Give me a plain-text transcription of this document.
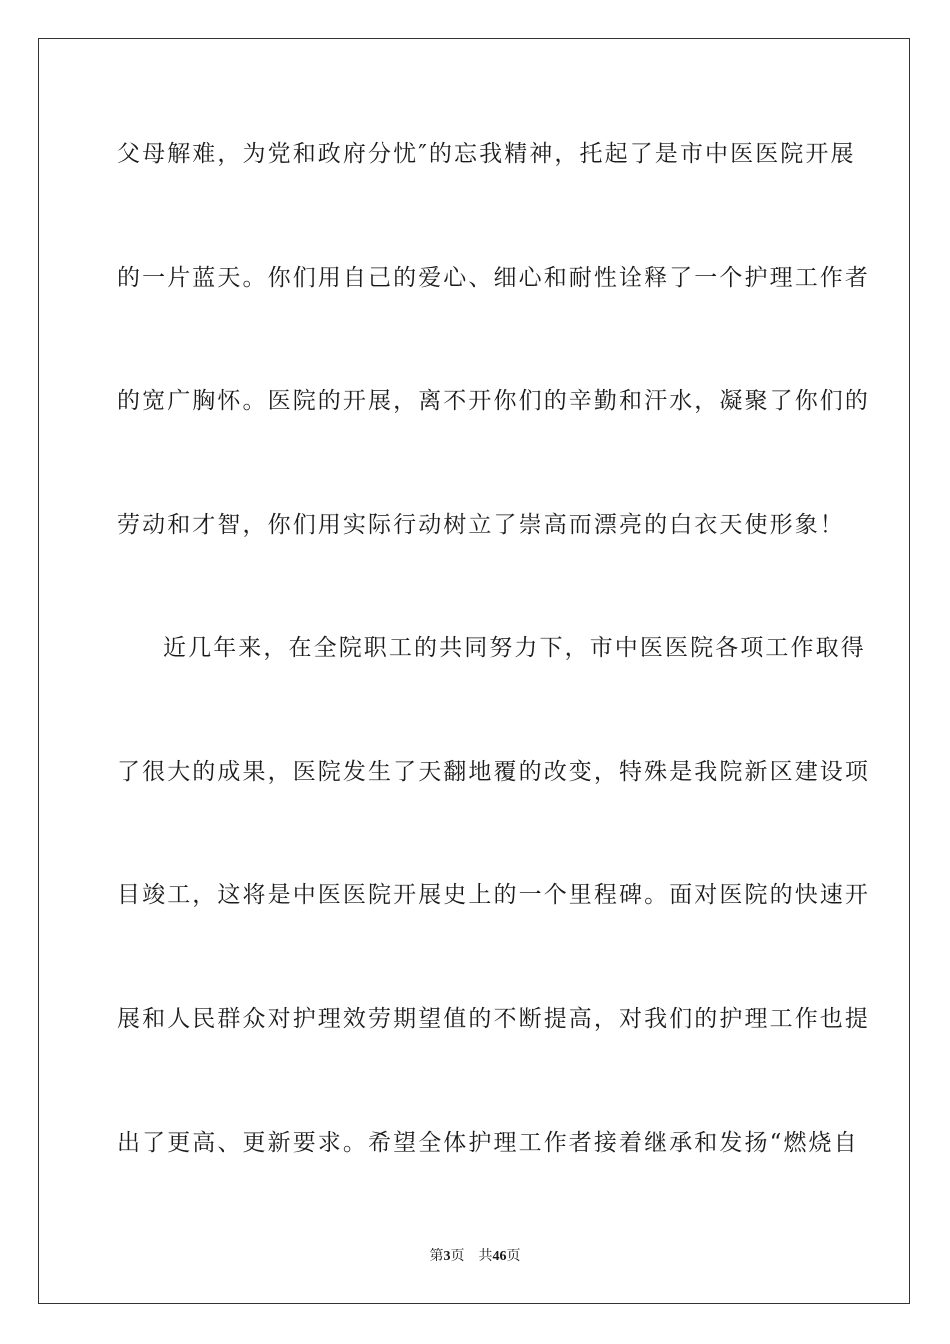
父母解难，为党和政府分忧″的忘我精神，托起了是市中医医院开展
的一片蓝天。你们用自己的爱心、细心和耐性诠释了一个护理工作者
的宽广胸怀。医院的开展，离不开你们的辛勤和汗水，凝聚了你们的
劳动和才智，你们用实际行动树立了崇高而漂亮的白衣天使形象！
近几年来，在全院职工的共同努力下，市中医医院各项工作取得
了很大的成果，医院发生了天翻地覆的改变，特殊是我院新区建设项
目竣工，这将是中医医院开展史上的一个里程碑。面对医院的快速开
展和人民群众对护理效劳期望值的不断提高，对我们的护理工作也提
出了更高、更新要求。希望全体护理工作者接着继承和发扬“燃烧自
第3页 共46页
